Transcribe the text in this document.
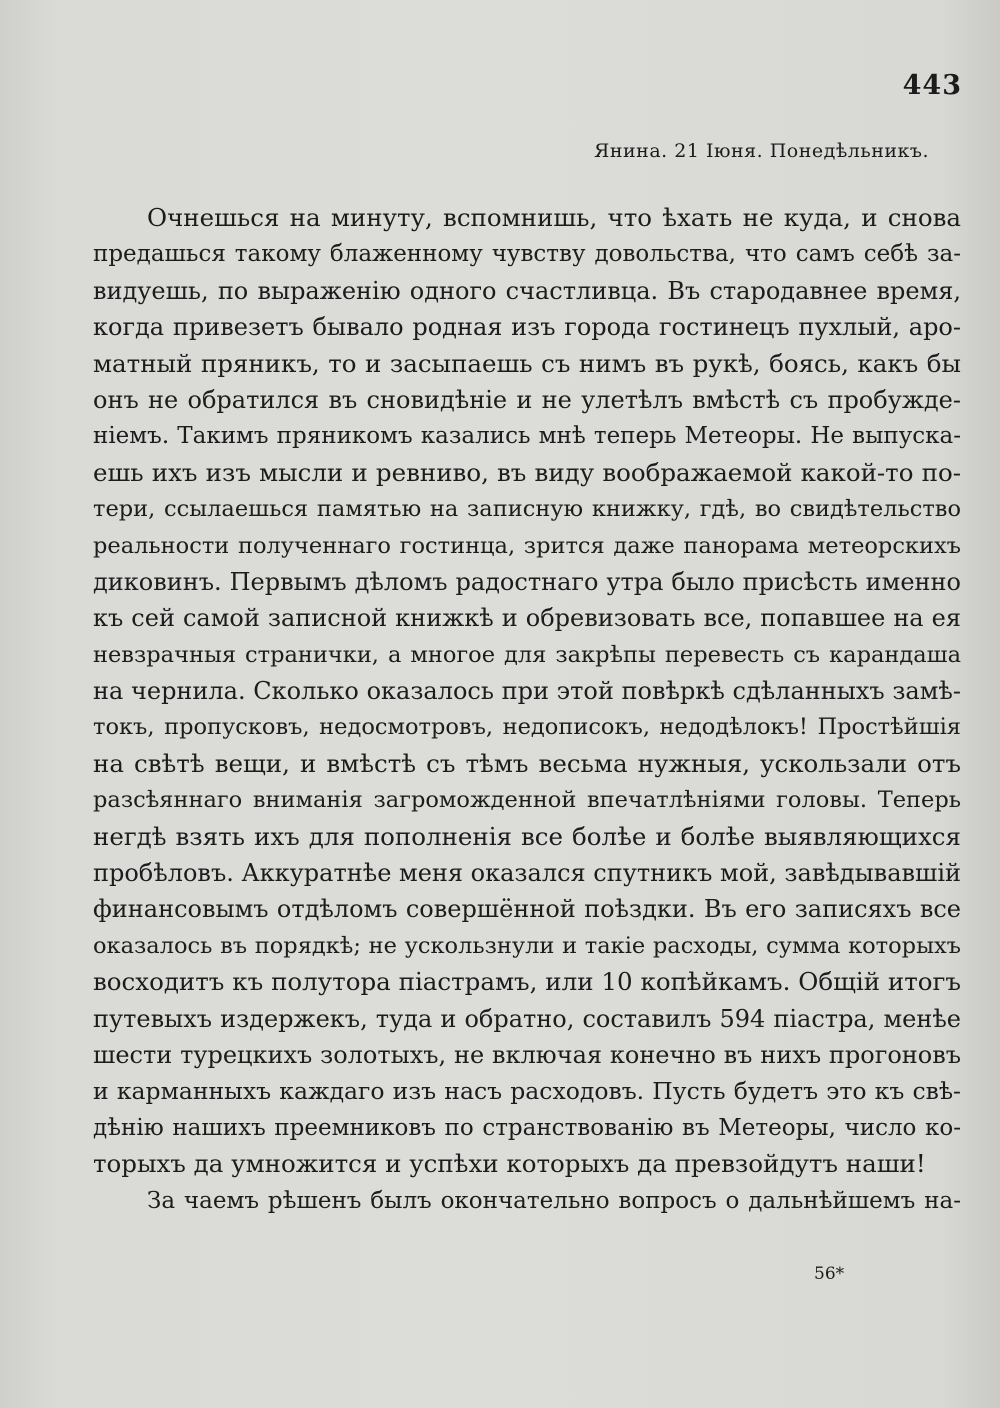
443
Янина. 21 Іюня. Понедѣльникъ.
Очнешься на минуту, вспомнишь, что ѣхать не куда, и снова
предашься такому блаженному чувству довольства, что самъ себѣ за-
видуешь, по выраженію одного счастливца. Въ стародавнее время,
когда привезетъ бывало родная изъ города гостинецъ пухлый, аро-
матный пряникъ, то и засыпаешь съ нимъ въ рукѣ, боясь, какъ бы
онъ не обратился въ сновидѣніе и не улетѣлъ вмѣстѣ съ пробужде-
ніемъ. Такимъ пряникомъ казались мнѣ теперь Метеоры. Не выпуска-
ешь ихъ изъ мысли и ревниво, въ виду воображаемой какой-то по-
тери, ссылаешься памятью на записную книжку, гдѣ, во свидѣтельство
реальности полученнаго гостинца, зрится даже панорама метеорскихъ
диковинъ. Первымъ дѣломъ радостнаго утра было присѣсть именно
къ сей самой записной книжкѣ и обревизовать все, попавшее на ея
невзрачныя странички, а многое для закрѣпы перевесть съ карандаша
на чернила. Сколько оказалось при этой повѣркѣ сдѣланныхъ замѣ-
токъ, пропусковъ, недосмотровъ, недописокъ, недодѣлокъ! Простѣйшія
на свѣтѣ вещи, и вмѣстѣ съ тѣмъ весьма нужныя, ускользали отъ
разсѣяннаго вниманія загроможденной впечатлѣніями головы. Теперь
негдѣ взять ихъ для пополненія все болѣе и болѣе выявляющихся
пробѣловъ. Аккуратнѣе меня оказался спутникъ мой, завѣдывавшій
финансовымъ отдѣломъ совершённой поѣздки. Въ его записяхъ все
оказалось въ порядкѣ; не ускользнули и такіе расходы, сумма которыхъ
восходитъ къ полутора піастрамъ, или 10 копѣйкамъ. Общій итогъ
путевыхъ издержекъ, туда и обратно, составилъ 594 піастра, менѣе
шести турецкихъ золотыхъ, не включая конечно въ нихъ прогоновъ
и карманныхъ каждаго изъ насъ расходовъ. Пусть будетъ это къ свѣ-
дѣнію нашихъ преемниковъ по странствованію въ Метеоры, число ко-
торыхъ да умножится и успѣхи которыхъ да превзойдутъ наши!
За чаемъ рѣшенъ былъ окончательно вопросъ о дальнѣйшемъ на-
56*
